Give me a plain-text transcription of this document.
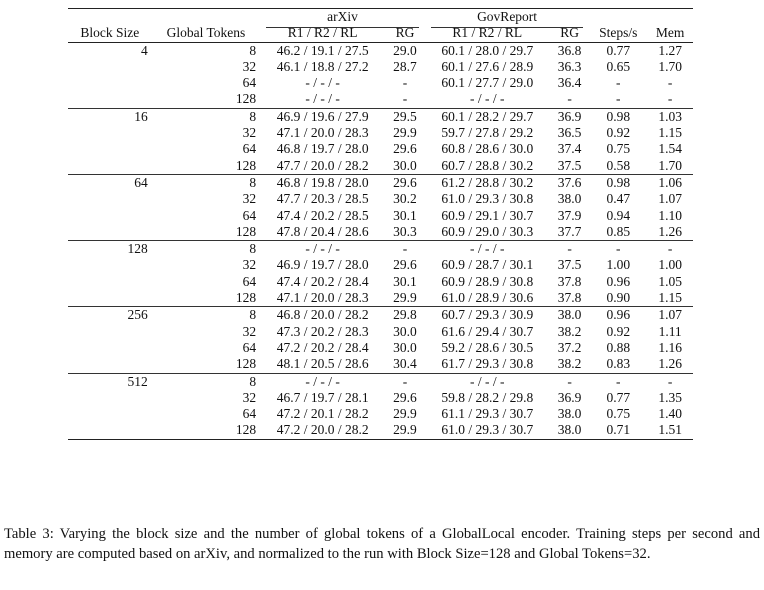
		arXiv		GovReport			
Block Size	Global Tokens	R1 / R2 / RL	RG	R1 / R2 / RL	RG	Steps/s	Mem
4	8	46.2 / 19.1 / 27.5	29.0	60.1 / 28.0 / 29.7	36.8	0.77	1.27
	32	46.1 / 18.8 / 27.2	28.7	60.1 / 27.6 / 28.9	36.3	0.65	1.70
	64	- / - / -	-	60.1 / 27.7 / 29.0	36.4	-	-
	128	- / - / -	-	- / - / -	-	-	-
16	8	46.9 / 19.6 / 27.9	29.5	60.1 / 28.2 / 29.7	36.9	0.98	1.03
	32	47.1 / 20.0 / 28.3	29.9	59.7 / 27.8 / 29.2	36.5	0.92	1.15
	64	46.8 / 19.7 / 28.0	29.6	60.8 / 28.6 / 30.0	37.4	0.75	1.54
	128	47.7 / 20.0 / 28.2	30.0	60.7 / 28.8 / 30.2	37.5	0.58	1.70
64	8	46.8 / 19.8 / 28.0	29.6	61.2 / 28.8 / 30.2	37.6	0.98	1.06
	32	47.7 / 20.3 / 28.5	30.2	61.0 / 29.3 / 30.8	38.0	0.47	1.07
	64	47.4 / 20.2 / 28.5	30.1	60.9 / 29.1 / 30.7	37.9	0.94	1.10
	128	47.8 / 20.4 / 28.6	30.3	60.9 / 29.0 / 30.3	37.7	0.85	1.26
128	8	- / - / -	-	- / - / -	-	-	-
	32	46.9 / 19.7 / 28.0	29.6	60.9 / 28.7 / 30.1	37.5	1.00	1.00
	64	47.4 / 20.2 / 28.4	30.1	60.9 / 28.9 / 30.8	37.8	0.96	1.05
	128	47.1 / 20.0 / 28.3	29.9	61.0 / 28.9 / 30.6	37.8	0.90	1.15
256	8	46.8 / 20.0 / 28.2	29.8	60.7 / 29.3 / 30.9	38.0	0.96	1.07
	32	47.3 / 20.2 / 28.3	30.0	61.6 / 29.4 / 30.7	38.2	0.92	1.11
	64	47.2 / 20.2 / 28.4	30.0	59.2 / 28.6 / 30.5	37.2	0.88	1.16
	128	48.1 / 20.5 / 28.6	30.4	61.7 / 29.3 / 30.8	38.2	0.83	1.26
512	8	- / - / -	-	- / - / -	-	-	-
	32	46.7 / 19.7 / 28.1	29.6	59.8 / 28.2 / 29.8	36.9	0.77	1.35
	64	47.2 / 20.1 / 28.2	29.9	61.1 / 29.3 / 30.7	38.0	0.75	1.40
	128	47.2 / 20.0 / 28.2	29.9	61.0 / 29.3 / 30.7	38.0	0.71	1.51

Table 3: Varying the block size and the number of global tokens of a GlobalLocal encoder. Training steps per second and memory are computed based on arXiv, and normalized to the run with Block Size=128 and Global Tokens=32.
